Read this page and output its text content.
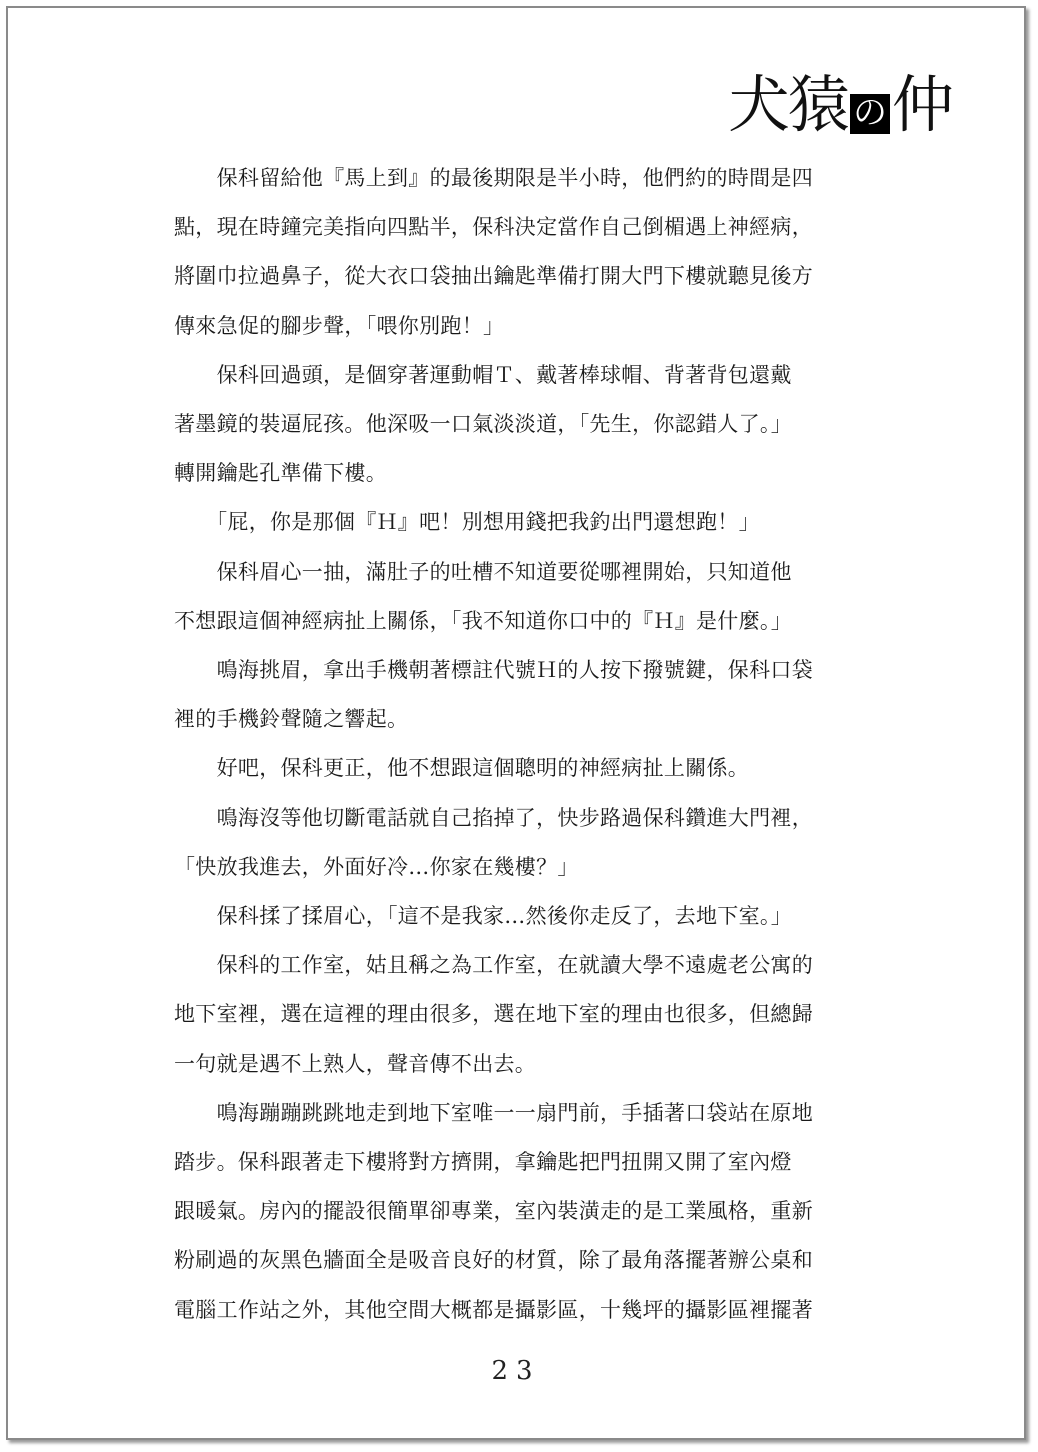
犬猿 の 仲

　　保科留給他『馬上到』的最後期限是半小時，他們約的時間是四

點，現在時鐘完美指向四點半，保科決定當作自己倒楣遇上神經病，

將圍巾拉過鼻子，從大衣口袋抽出鑰匙準備打開大門下樓就聽見後方

傳來急促的腳步聲，「喂你別跑！」

　　保科回過頭，是個穿著運動帽Ｔ、戴著棒球帽、背著背包還戴

著墨鏡的裝逼屁孩。他深吸一口氣淡淡道，「先生，你認錯人了。」

轉開鑰匙孔準備下樓。

　　「屁，你是那個『Ｈ』吧！別想用錢把我釣出門還想跑！」

　　保科眉心一抽，滿肚子的吐槽不知道要從哪裡開始，只知道他

不想跟這個神經病扯上關係，「我不知道你口中的『Ｈ』是什麼。」

　　鳴海挑眉，拿出手機朝著標註代號Ｈ的人按下撥號鍵，保科口袋

裡的手機鈴聲隨之響起。

　　好吧，保科更正，他不想跟這個聰明的神經病扯上關係。

　　鳴海沒等他切斷電話就自己掐掉了，快步路過保科鑽進大門裡，

「快放我進去，外面好冷…你家在幾樓？」

　　保科揉了揉眉心，「這不是我家…然後你走反了，去地下室。」

　　保科的工作室，姑且稱之為工作室，在就讀大學不遠處老公寓的

地下室裡，選在這裡的理由很多，選在地下室的理由也很多，但總歸

一句就是遇不上熟人，聲音傳不出去。

　　鳴海蹦蹦跳跳地走到地下室唯一一扇門前，手插著口袋站在原地

踏步。保科跟著走下樓將對方擠開，拿鑰匙把門扭開又開了室內燈

跟暖氣。房內的擺設很簡單卻專業，室內裝潢走的是工業風格，重新

粉刷過的灰黑色牆面全是吸音良好的材質，除了最角落擺著辦公桌和

電腦工作站之外，其他空間大概都是攝影區，十幾坪的攝影區裡擺著

23
